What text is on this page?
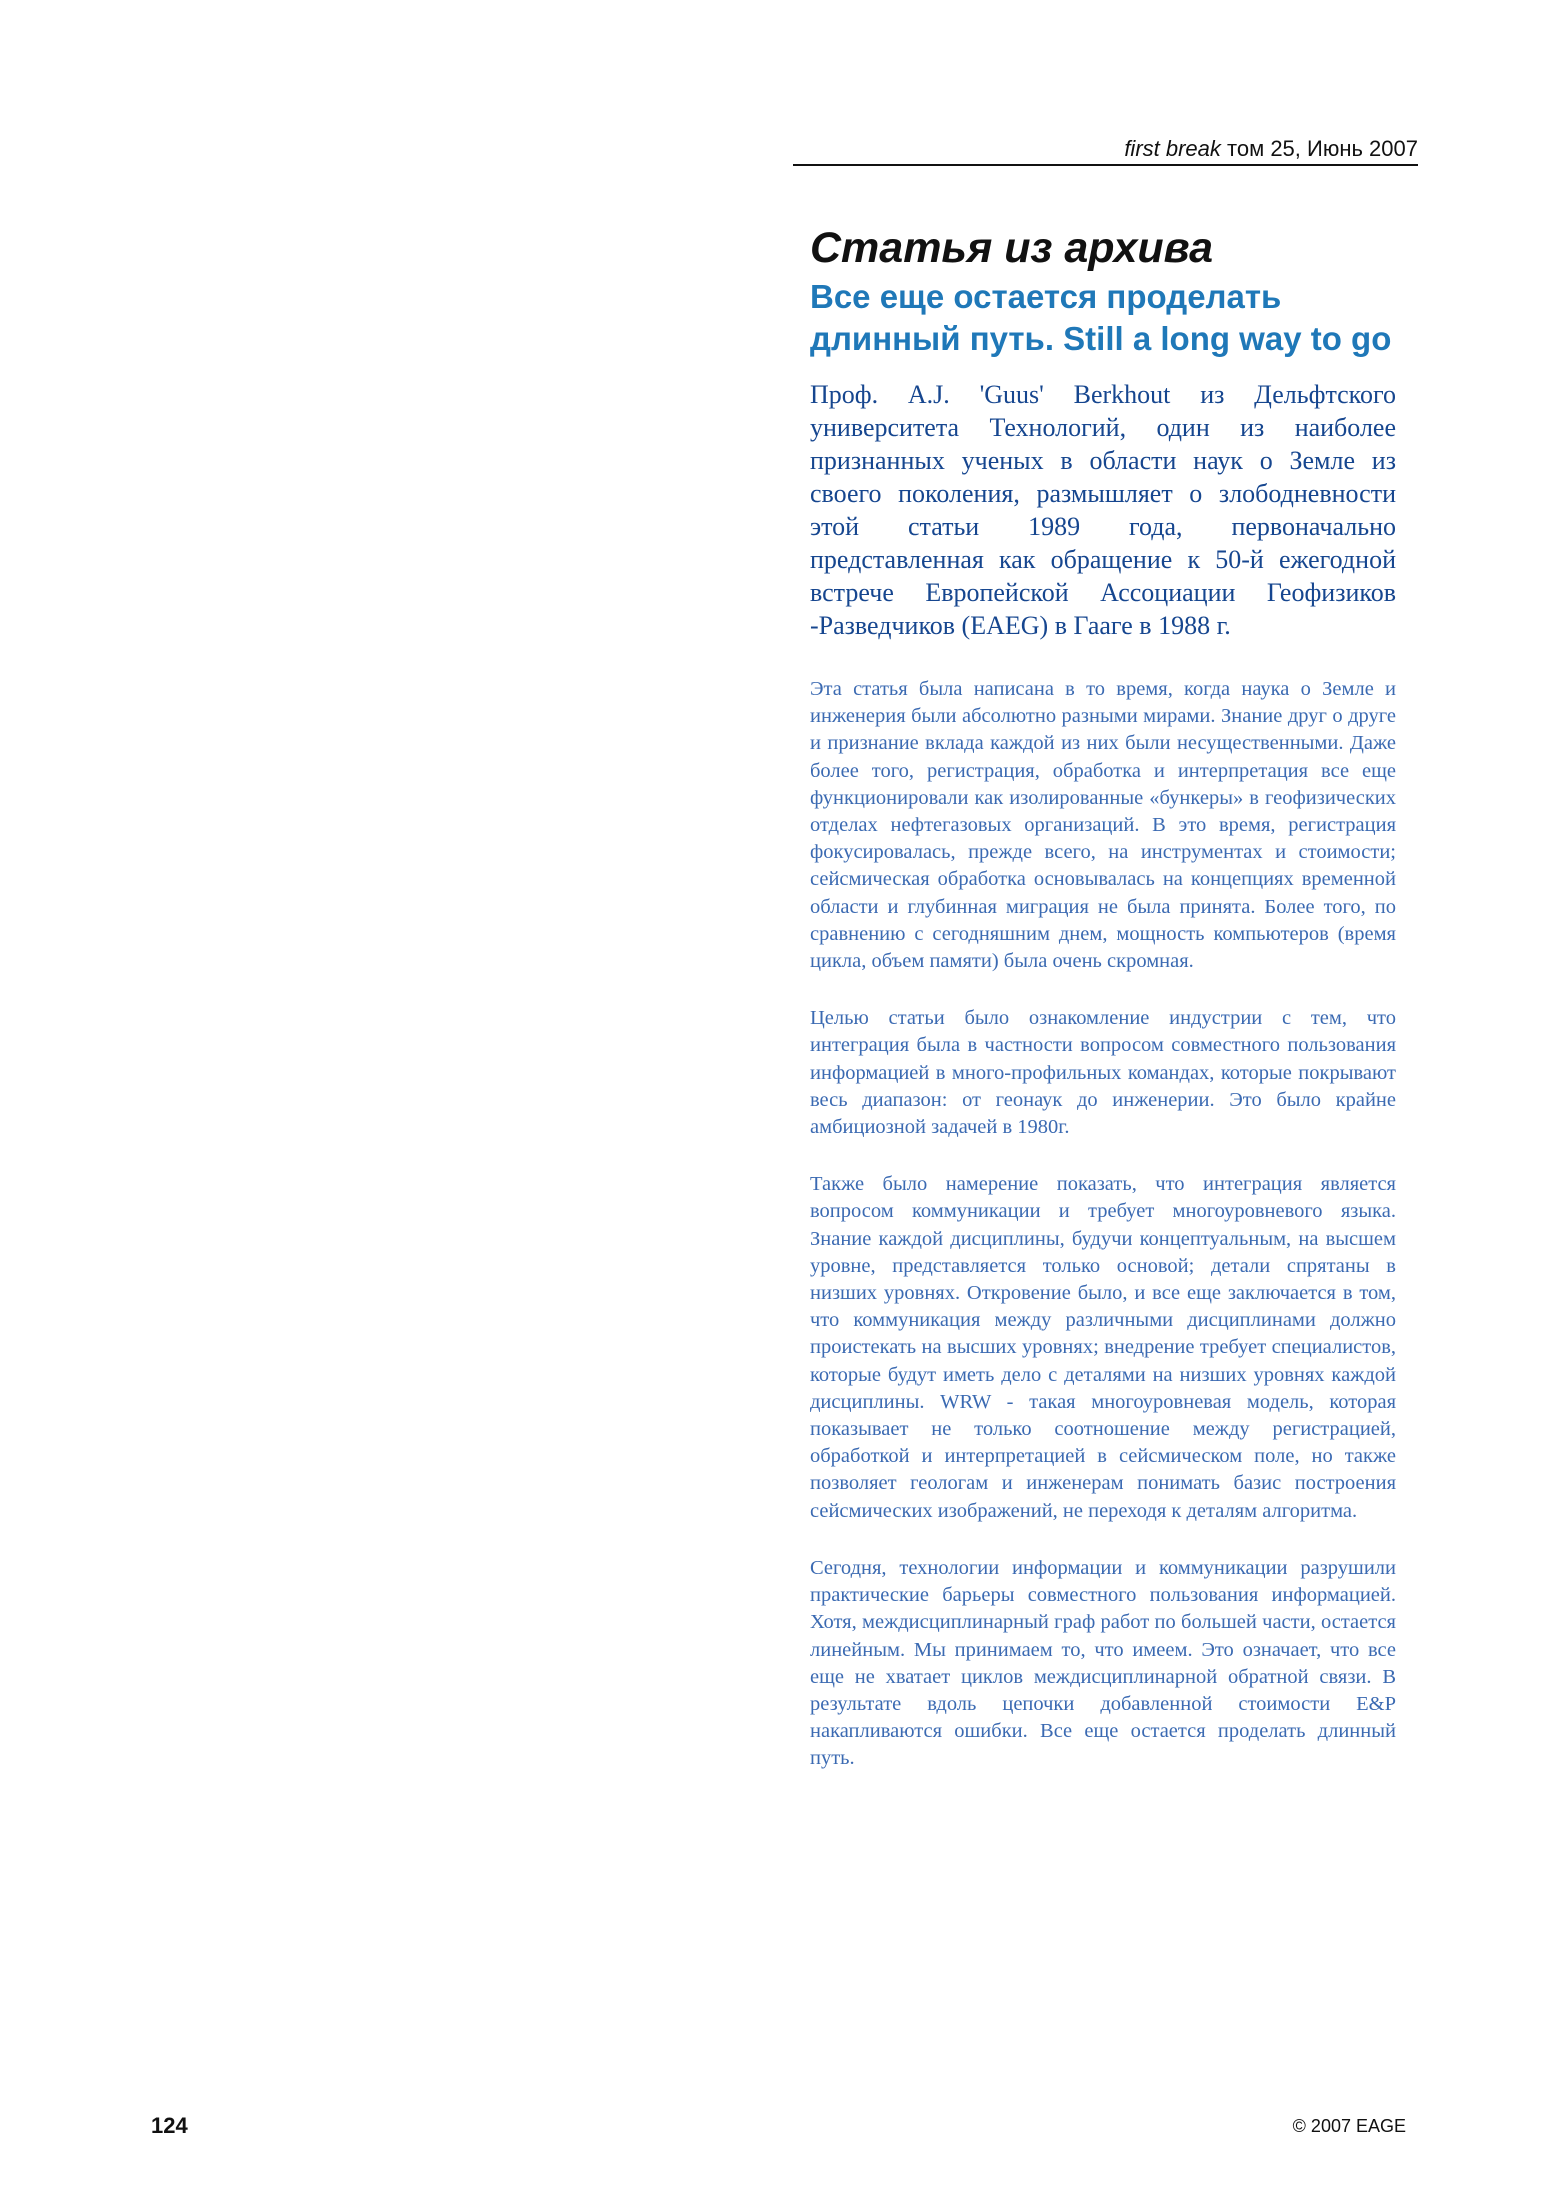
first break том 25, Июнь 2007
Статья из архива
Все еще остается проделать длинный путь. Still a long way to go

Проф. A.J. 'Guus' Berkhout из Дельфтского университета Технологий, один из наиболее признанных ученых в области наук о Земле из своего поколения, размышляет о злободневности этой статьи 1989 года, первоначально представленная как обращение к 50-й ежегодной встрече Европейской Ассоциации Геофизиков -Разведчиков (EAEG) в Гааге в 1988 г.

Эта статья была написана в то время, когда наука о Земле и инженерия были абсолютно разными мирами. Знание друг о друге и признание вклада каждой из них были несущественными. Даже более того, регистрация, обработка и интерпретация все еще функционировали как изолированные «бункеры» в геофизических отделах нефтегазовых организаций. В это время, регистрация фокусировалась, прежде всего, на инструментах и стоимости; сейсмическая обработка основывалась на концепциях временной области и глубинная миграция не была принята. Более того, по сравнению с сегодняшним днем, мощность компьютеров (время цикла, объем памяти) была очень скромная.

Целью статьи было ознакомление индустрии с тем, что интеграция была в частности вопросом совместного пользования информацией в много-профильных командах, которые покрывают весь диапазон: от геонаук до инженерии. Это было крайне амбициозной задачей в 1980г.

Также было намерение показать, что интеграция является вопросом коммуникации и требует многоуровневого языка. Знание каждой дисциплины, будучи концептуальным, на высшем уровне, представляется только основой; детали спрятаны в низших уровнях. Откровение было, и все еще заключается в том, что коммуникация между различными дисциплинами должно проистекать на высших уровнях; внедрение требует специалистов, которые будут иметь дело с деталями на низших уровнях каждой дисциплины. WRW - такая многоуровневая модель, которая показывает не только соотношение между регистрацией, обработкой и интерпретацией в сейсмическом поле, но также позволяет геологам и инженерам понимать базис построения сейсмических изображений, не переходя к деталям алгоритма.

Сегодня, технологии информации и коммуникации разрушили практические барьеры совместного пользования информацией. Хотя, междисциплинарный граф работ по большей части, остается линейным. Мы принимаем то, что имеем. Это означает, что все еще не хватает циклов междисциплинарной обратной связи. В результате вдоль цепочки добавленной стоимости E&P накапливаются ошибки. Все еще остается проделать длинный путь.

124	© 2007 EAGE
